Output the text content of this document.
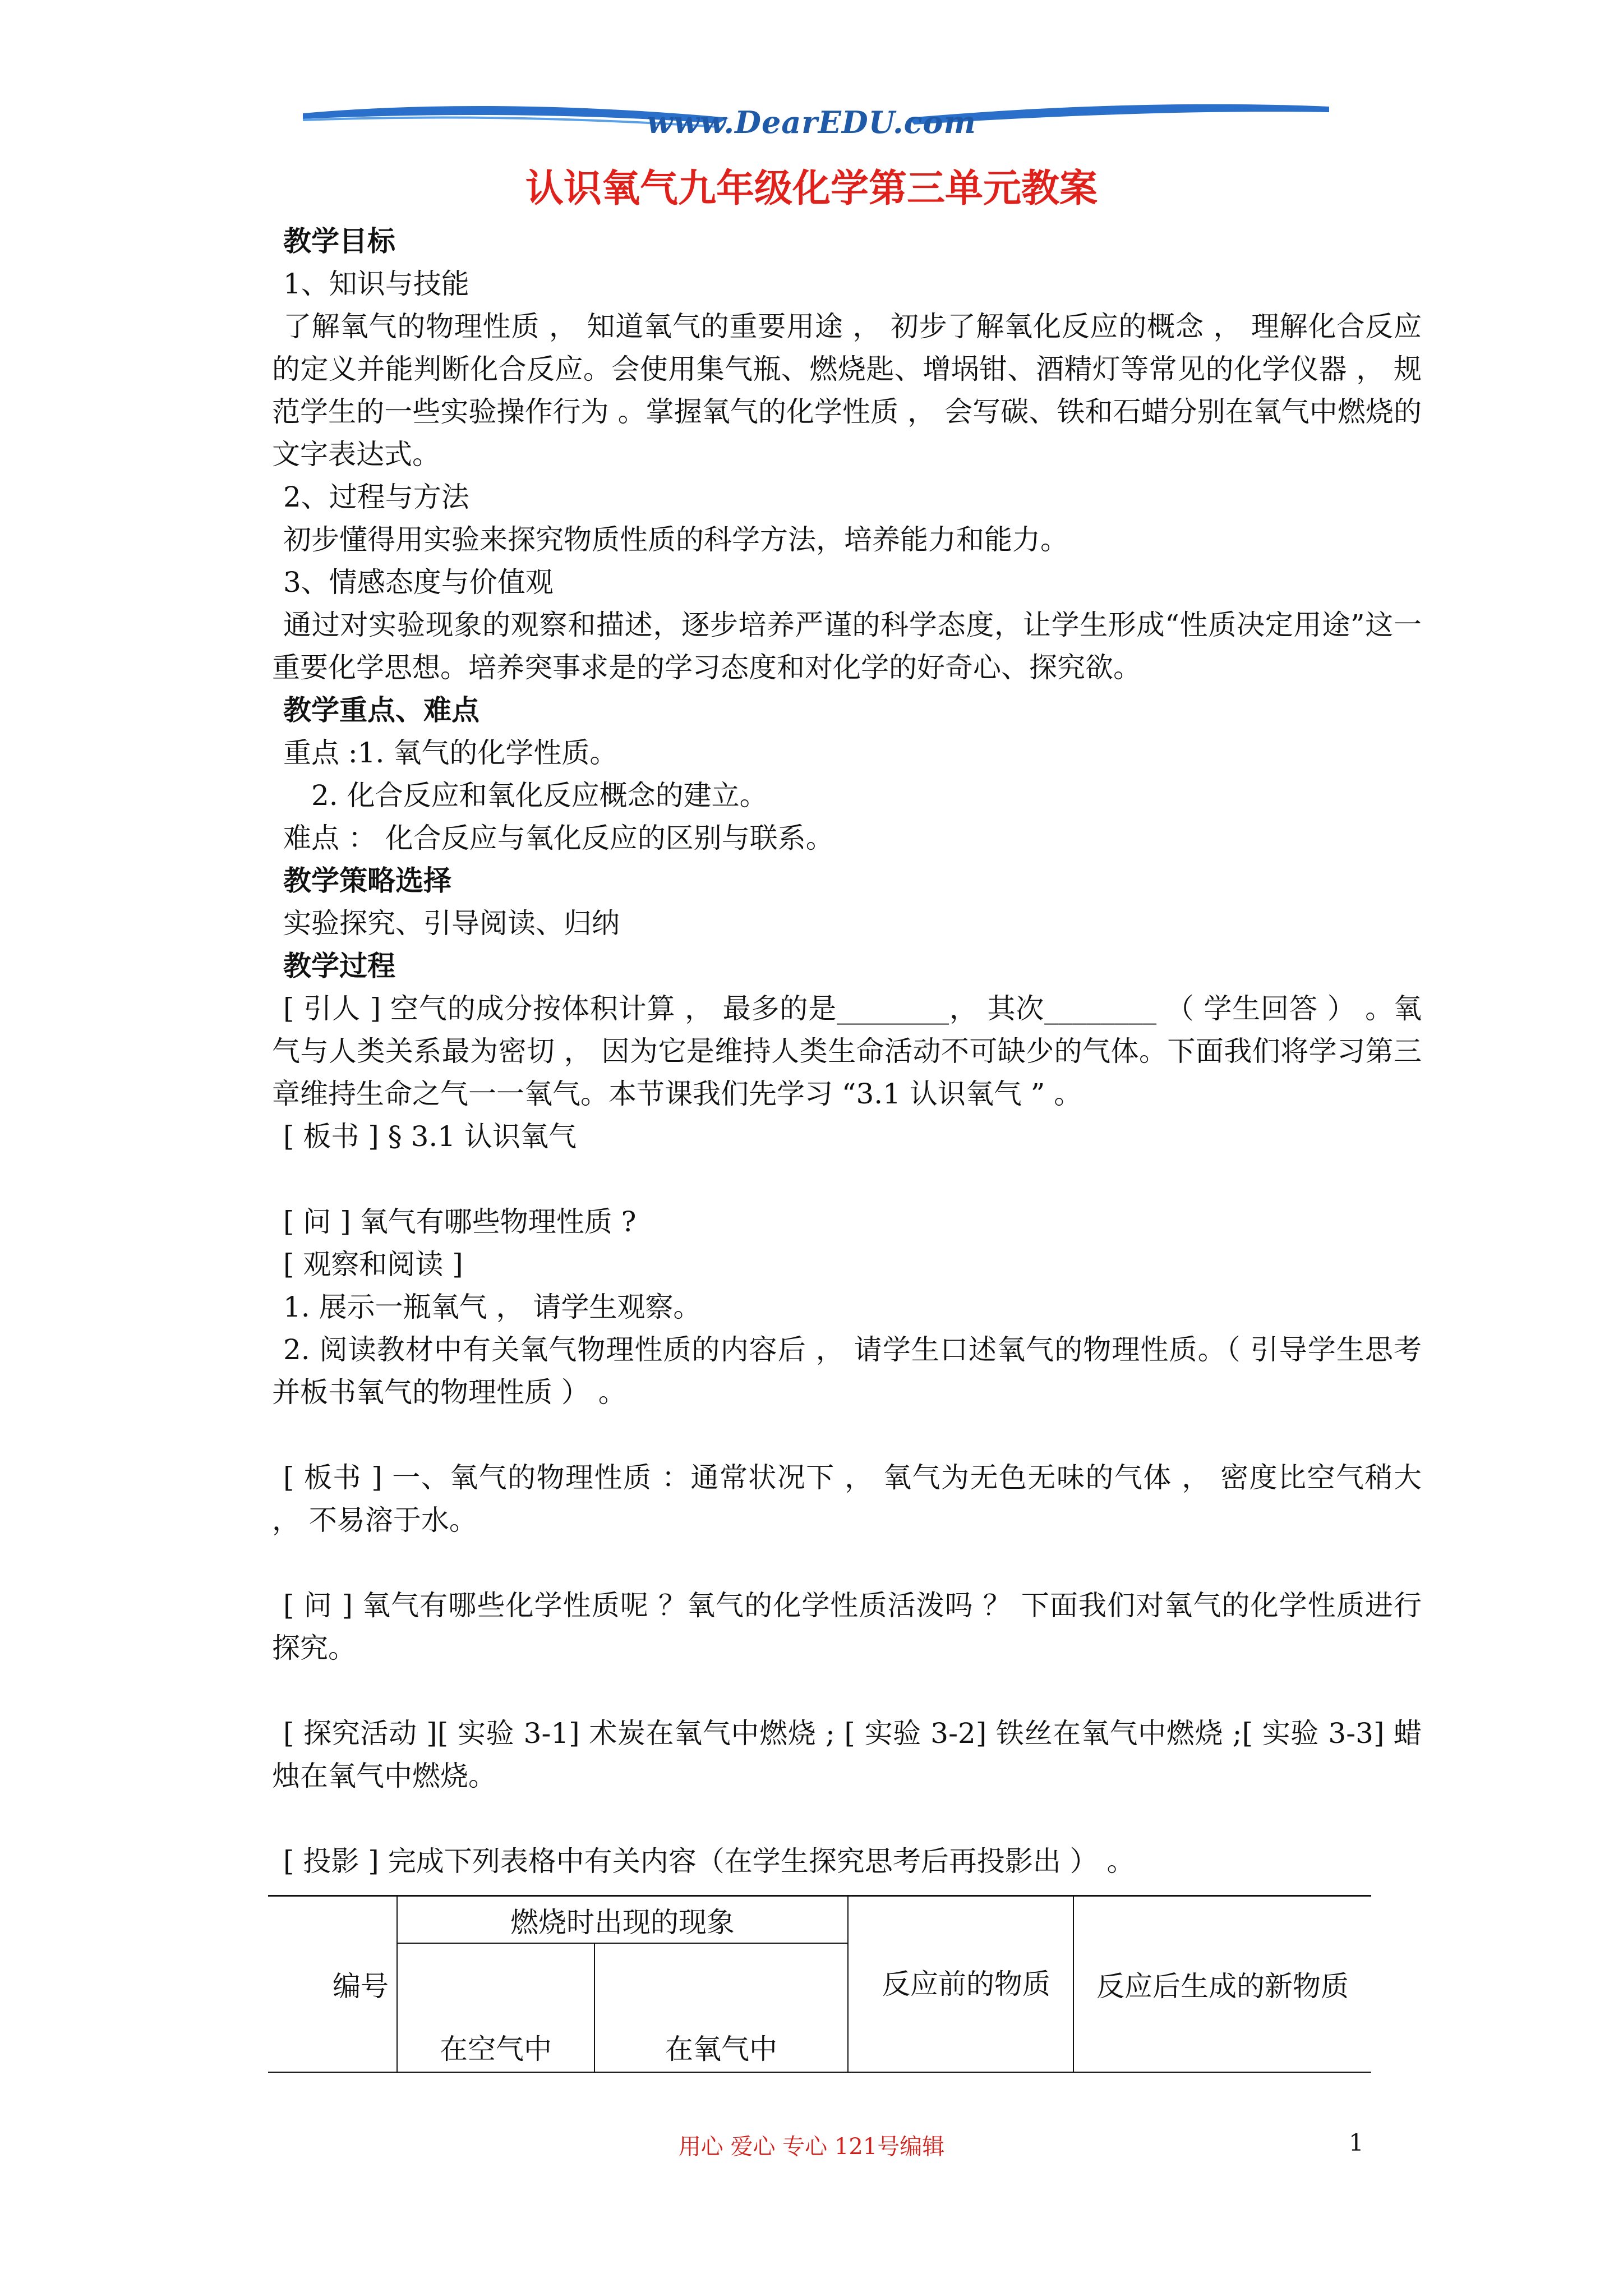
www.DearEDU.com
认识氧气九年级化学第三单元教案

教学目标

1、知识与技能

了解氧气的物理性质 ， 知道氧气的重要用途 ， 初步了解氧化反应的概念 ， 理解化合反应的定义并能判断化合反应。会使用集气瓶、燃烧匙、增埚钳、酒精灯等常见的化学仪器 ， 规范学生的一些实验操作行为 。掌握氧气的化学性质 ， 会写碳、铁和石蜡分别在氧气中燃烧的文字表达式。

2、过程与方法

初步懂得用实验来探究物质性质的科学方法，培养能力和能力。

3、情感态度与价值观

通过对实验现象的观察和描述，逐步培养严谨的科学态度，让学生形成“性质决定用途”这一重要化学思想。培养突事求是的学习态度和对化学的好奇心、探究欲。

教学重点、难点

重点 :1. 氧气的化学性质。

2. 化合反应和氧化反应概念的建立。

难点 ： 化合反应与氧化反应的区别与联系。

教学策略选择

实验探究、引导阅读、归纳

教学过程

[ 引人 ] 空气的成分按体积计算 ， 最多的是________， 其次________ （ 学生回答 ） 。氧气与人类关系最为密切 ， 因为它是维持人类生命活动不可缺少的气体。下面我们将学习第三章维持生命之气一一氧气。本节课我们先学习 “3.1 认识氧气 ” 。

[ 板书 ] § 3.1 认识氧气

[ 问 ] 氧气有哪些物理性质 ?

[ 观察和阅读 ]

1. 展示一瓶氧气 ， 请学生观察。

2. 阅读教材中有关氧气物理性质的内容后 ， 请学生口述氧气的物理性质。（ 引导学生思考并板书氧气的物理性质 ） 。

[ 板书 ] 一、氧气的物理性质 ：通常状况下 ， 氧气为无色无味的气体 ， 密度比空气稍大 ， 不易溶于水。

[ 问 ] 氧气有哪些化学性质呢 ？氧气的化学性质活泼吗 ？ 下面我们对氧气的化学性质进行探究。

[ 探究活动 ][ 实验 3-1] 术炭在氧气中燃烧 ; [ 实验 3-2] 铁丝在氧气中燃烧 ;[ 实验 3-3] 蜡烛在氧气中燃烧。

[ 投影 ] 完成下列表格中有关内容（在学生探究思考后再投影出 ） 。

编号	燃烧时出现的现象		反应前的物质	反应后生成的新物质
	在空气中	在氧气中		
用心 爱心 专心 121号编辑	1
